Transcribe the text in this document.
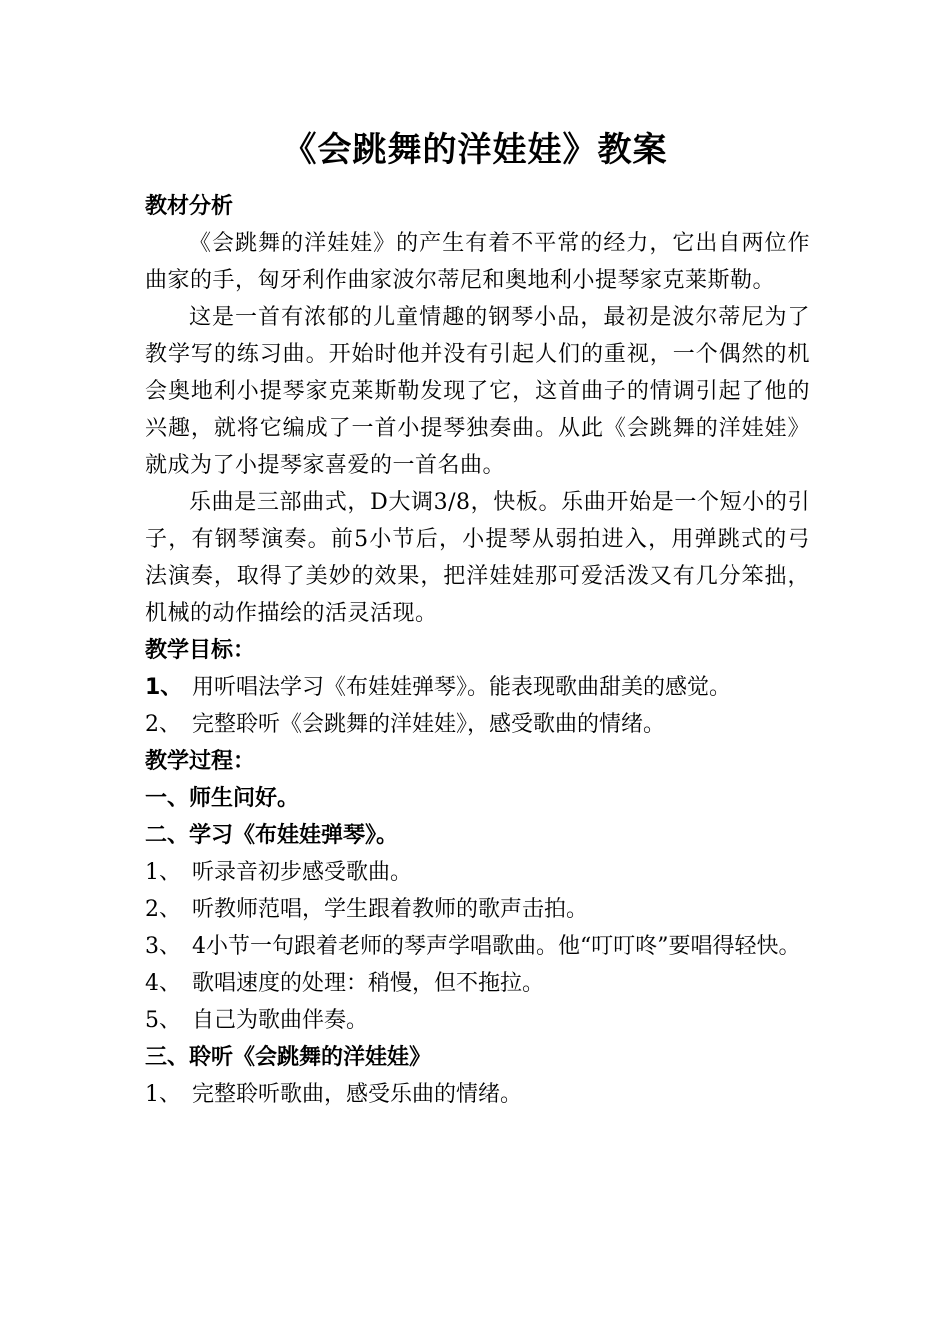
《会跳舞的洋娃娃》教案

教材分析

《会跳舞的洋娃娃》的产生有着不平常的经力，它出自两位作曲家的手，匈牙利作曲家波尔蒂尼和奥地利小提琴家克莱斯勒。

这是一首有浓郁的儿童情趣的钢琴小品，最初是波尔蒂尼为了教学写的练习曲。开始时他并没有引起人们的重视，一个偶然的机会奥地利小提琴家克莱斯勒发现了它，这首曲子的情调引起了他的兴趣，就将它编成了一首小提琴独奏曲。从此《会跳舞的洋娃娃》就成为了小提琴家喜爱的一首名曲。

乐曲是三部曲式，D大调3/8，快板。乐曲开始是一个短小的引子，有钢琴演奏。前5小节后，小提琴从弱拍进入，用弹跳式的弓法演奏，取得了美妙的效果，把洋娃娃那可爱活泼又有几分笨拙，机械的动作描绘的活灵活现。

教学目标：

1、 用听唱法学习《布娃娃弹琴》。能表现歌曲甜美的感觉。
2、 完整聆听《会跳舞的洋娃娃》，感受歌曲的情绪。

教学过程：

一、师生问好。

二、学习《布娃娃弹琴》。

1、 听录音初步感受歌曲。
2、 听教师范唱，学生跟着教师的歌声击拍。

3、 4小节一句跟着老师的琴声学唱歌曲。他“叮叮咚”要唱得轻快。

4、 歌唱速度的处理：稍慢，但不拖拉。
5、 自己为歌曲伴奏。

三、聆听《会跳舞的洋娃娃》

1、 完整聆听歌曲，感受乐曲的情绪。
